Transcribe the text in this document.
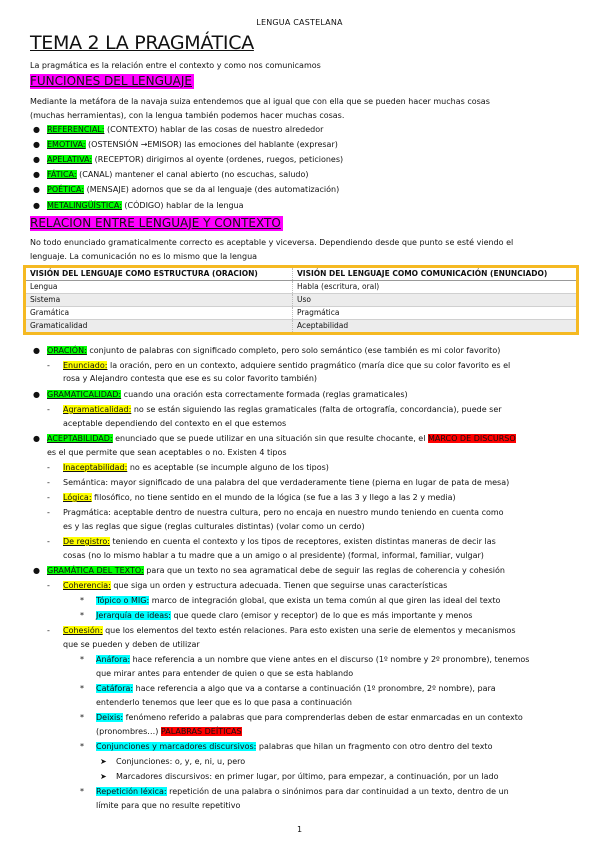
LENGUA CASTELANA
TEMA 2 LA PRAGMÁTICA
La pragmática es la relación entre el contexto y como nos comunicamos
FUNCIONES DEL LENGUAJE
Mediante la metáfora de la navaja suiza entendemos que al igual que con ella que se pueden hacer muchas cosas
(muchas herramientas), con la lengua también podemos hacer muchas cosas.
● REFERENCIAL: (CONTEXTO) hablar de las cosas de nuestro alrededor
● EMOTIVA: (OSTENSIÓN →EMISOR) las emociones del hablante (expresar)
● APELATIVA: (RECEPTOR) dirigirnos al oyente (ordenes, ruegos, peticiones)
● FÁTICA: (CANAL) mantener el canal abierto (no escuchas, saludo)
● POÉTICA: (MENSAJE) adornos que se da al lenguaje (des automatización)
● METALINGÜÍSTICA: (CÓDIGO) hablar de la lengua
RELACION ENTRE LENGUAJE Y CONTEXTO
No todo enunciado gramaticalmente correcto es aceptable y viceversa. Dependiendo desde que punto se esté viendo el
lenguaje. La comunicación no es lo mismo que la lengua
VISIÓN DEL LENGUAJE COMO ESTRUCTURA (ORACION)	VISIÓN DEL LENGUAJE COMO COMUNICACIÓN (ENUNCIADO)
Lengua	Habla (escritura, oral)
Sistema	Uso
Gramática	Pragmática
Gramaticalidad	Aceptabilidad
● ORACIÓN: conjunto de palabras con significado completo, pero solo semántico (ese también es mi color favorito)
- Enunciado: la oración, pero en un contexto, adquiere sentido pragmático (maría dice que su color favorito es el
rosa y Alejandro contesta que ese es su color favorito también)
● GRAMATICALIDAD: cuando una oración esta correctamente formada (reglas gramaticales)
- Agramaticalidad: no se están siguiendo las reglas gramaticales (falta de ortografía, concordancia), puede ser
aceptable dependiendo del contexto en el que estemos
● ACEPTABILIDAD: enunciado que se puede utilizar en una situación sin que resulte chocante, el MARCO DE DISCURSO
es el que permite que sean aceptables o no. Existen 4 tipos
- Inaceptabilidad: no es aceptable (se incumple alguno de los tipos)
- Semántica: mayor significado de una palabra del que verdaderamente tiene (pierna en lugar de pata de mesa)
- Lógica: filosófico, no tiene sentido en el mundo de la lógica (se fue a las 3 y llego a las 2 y media)
- Pragmática: aceptable dentro de nuestra cultura, pero no encaja en nuestro mundo teniendo en cuenta como
es y las reglas que sigue (reglas culturales distintas) (volar como un cerdo)
- De registro: teniendo en cuenta el contexto y los tipos de receptores, existen distintas maneras de decir las
cosas (no lo mismo hablar a tu madre que a un amigo o al presidente) (formal, informal, familiar, vulgar)
● GRAMÁTICA DEL TEXTO: para que un texto no sea agramatical debe de seguir las reglas de coherencia y cohesión
- Coherencia: que siga un orden y estructura adecuada. Tienen que seguirse unas características
* Tópico o MIG: marco de integración global, que exista un tema común al que giren las ideal del texto
* Jerarquía de ideas: que quede claro (emisor y receptor) de lo que es más importante y menos
- Cohesión: que los elementos del texto estén relaciones. Para esto existen una serie de elementos y mecanismos
que se pueden y deben de utilizar
* Anáfora: hace referencia a un nombre que viene antes en el discurso (1º nombre y 2º pronombre), tenemos
que mirar antes para entender de quien o que se esta hablando
* Catáfora: hace referencia a algo que va a contarse a continuación (1º pronombre, 2º nombre), para
entenderlo tenemos que leer que es lo que pasa a continuación
* Deixis: fenómeno referido a palabras que para comprenderlas deben de estar enmarcadas en un contexto
(pronombres…) PALABRAS DEÍTICAS
* Conjunciones y marcadores discursivos: palabras que hilan un fragmento con otro dentro del texto
➤ Conjunciones: o, y, e, ni, u, pero
➤ Marcadores discursivos: en primer lugar, por último, para empezar, a continuación, por un lado
* Repetición léxica: repetición de una palabra o sinónimos para dar continuidad a un texto, dentro de un
límite para que no resulte repetitivo
1
